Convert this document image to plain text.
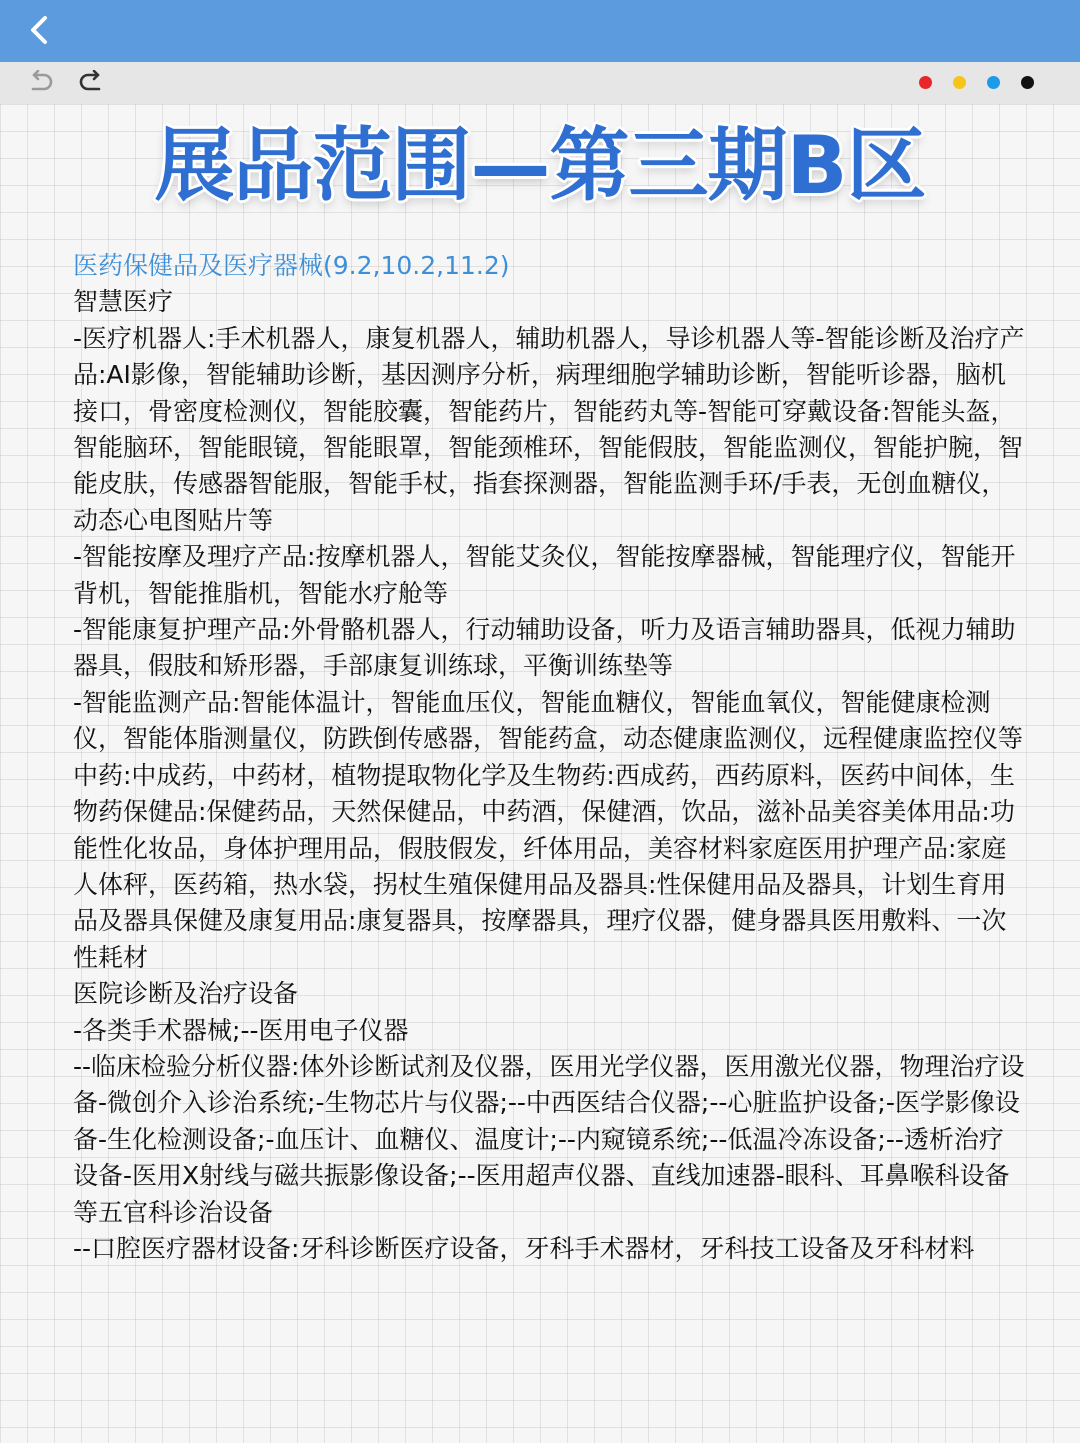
展品范围—第三期B区

医药保健品及医疗器械(9.2,10.2,11.2)

智慧医疗

-医疗机器人:手术机器人，康复机器人，辅助机器人，导诊机器人等-智能诊断及治疗产品:AI影像，智能辅助诊断，基因测序分析，病理细胞学辅助诊断，智能听诊器，脑机接口，骨密度检测仪，智能胶囊，智能药片，智能药丸等-智能可穿戴设备:智能头盔，智能脑环，智能眼镜，智能眼罩，智能颈椎环，智能假肢，智能监测仪，智能护腕，智能皮肤，传感器智能服，智能手杖，指套探测器，智能监测手环/手表，无创血糖仪，动态心电图贴片等

-智能按摩及理疗产品:按摩机器人，智能艾灸仪，智能按摩器械，智能理疗仪，智能开背机，智能推脂机，智能水疗舱等

-智能康复护理产品:外骨骼机器人，行动辅助设备，听力及语言辅助器具，低视力辅助器具，假肢和矫形器，手部康复训练球，平衡训练垫等

-智能监测产品:智能体温计，智能血压仪，智能血糖仪，智能血氧仪，智能健康检测仪，智能体脂测量仪，防跌倒传感器，智能药盒，动态健康监测仪，远程健康监控仪等

中药:中成药，中药材，植物提取物化学及生物药:西成药，西药原料，医药中间体，生物药保健品:保健药品，天然保健品，中药酒，保健酒，饮品，滋补品美容美体用品:功能性化妆品，身体护理用品，假肢假发，纤体用品，美容材料家庭医用护理产品:家庭人体秤，医药箱，热水袋，拐杖生殖保健用品及器具:性保健用品及器具，计划生育用品及器具保健及康复用品:康复器具，按摩器具，理疗仪器，健身器具医用敷料、一次性耗材

医院诊断及治疗设备

-各类手术器械;--医用电子仪器

--临床检验分析仪器:体外诊断试剂及仪器，医用光学仪器，医用激光仪器，物理治疗设备-微创介入诊治系统;-生物芯片与仪器;--中西医结合仪器;--心脏监护设备;-医学影像设备-生化检测设备;-血压计、血糖仪、温度计;--内窥镜系统;--低温冷冻设备;--透析治疗设备-医用X射线与磁共振影像设备;--医用超声仪器、直线加速器-眼科、耳鼻喉科设备等五官科诊治设备

--口腔医疗器材设备:牙科诊断医疗设备，牙科手术器材，牙科技工设备及牙科材料
